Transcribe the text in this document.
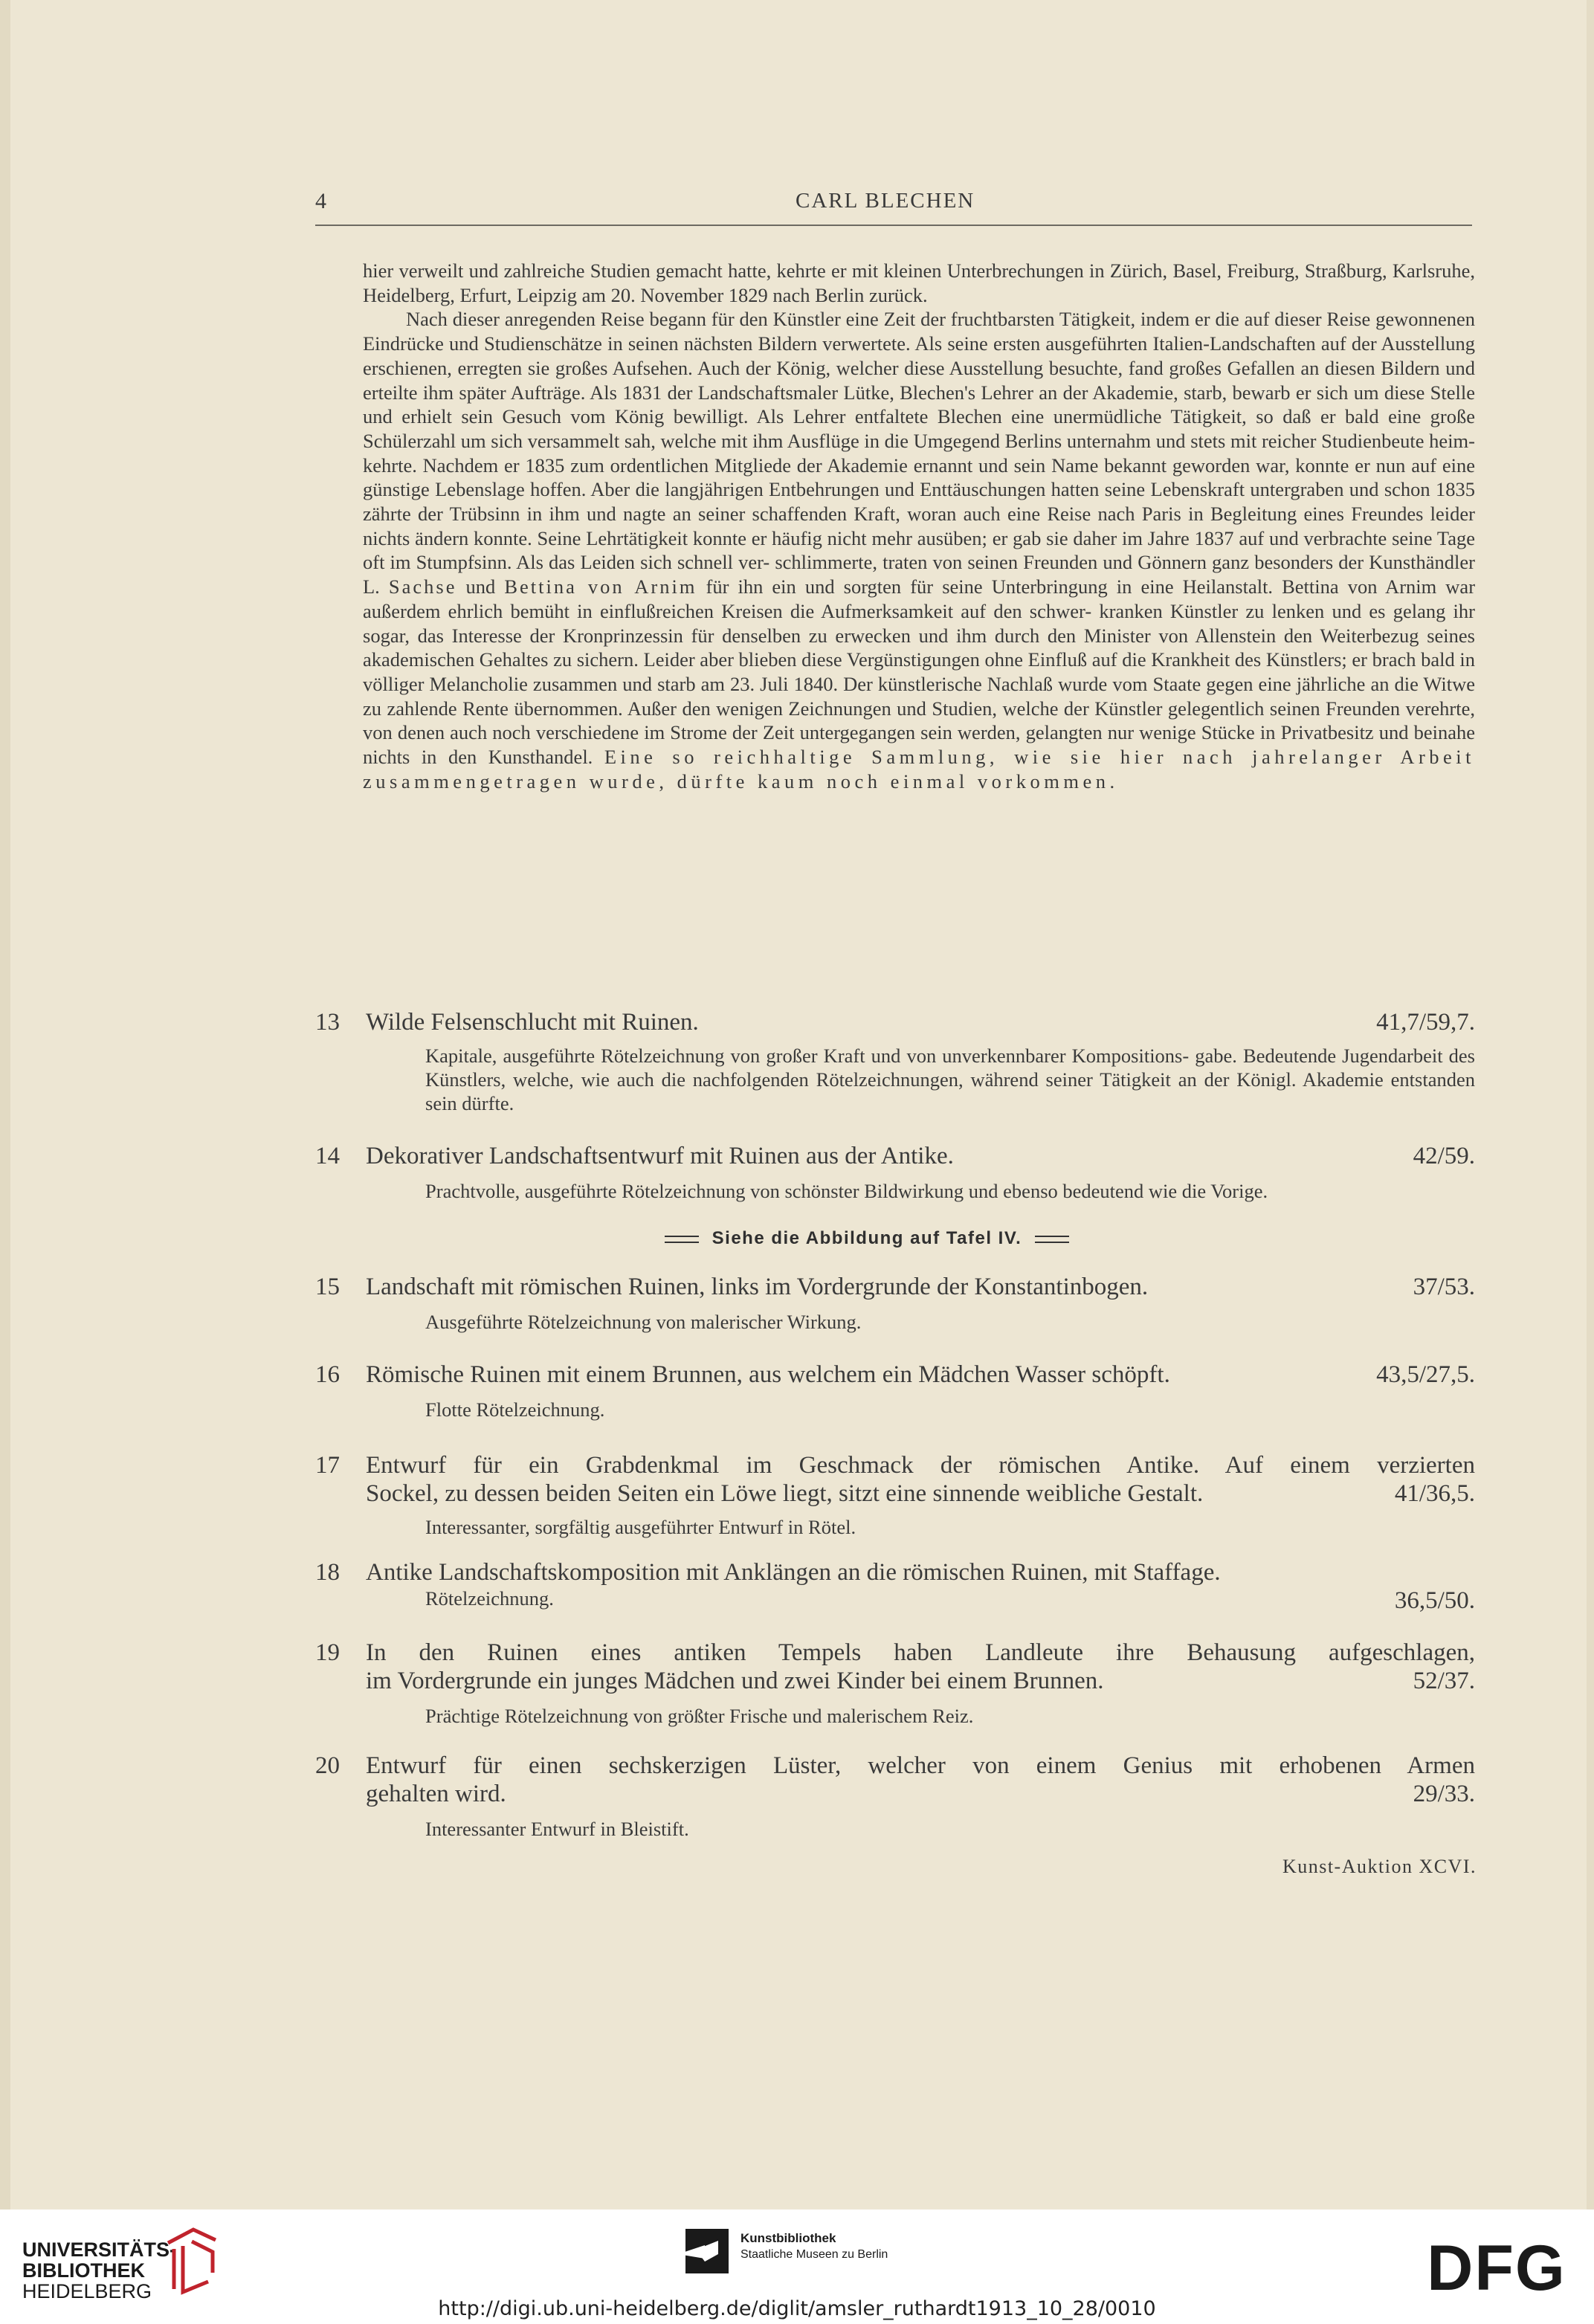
4	CARL BLECHEN

hier verweilt und zahlreiche Studien gemacht hatte, kehrte er mit kleinen Unterbrechungen in Zürich, Basel, Freiburg, Straßburg, Karlsruhe, Heidelberg, Erfurt, Leipzig am 20. November 1829 nach Berlin zurück.

Nach dieser anregenden Reise begann für den Künstler eine Zeit der fruchtbarsten Tätigkeit, indem er die auf dieser Reise gewonnenen Eindrücke und Studienschätze in seinen nächsten Bildern verwertete. Als seine ersten ausgeführten Italien-Landschaften auf der Ausstellung erschienen, erregten sie großes Aufsehen. Auch der König, welcher diese Ausstellung besuchte, fand großes Gefallen an diesen Bildern und erteilte ihm später Aufträge. Als 1831 der Landschaftsmaler Lütke, Blechen's Lehrer an der Akademie, starb, bewarb er sich um diese Stelle und erhielt sein Gesuch vom König bewilligt. Als Lehrer entfaltete Blechen eine unermüdliche Tätigkeit, so daß er bald eine große Schülerzahl um sich versammelt sah, welche mit ihm Ausflüge in die Umgegend Berlins unternahm und stets mit reicher Studienbeute heim- kehrte. Nachdem er 1835 zum ordentlichen Mitgliede der Akademie ernannt und sein Name bekannt geworden war, konnte er nun auf eine günstige Lebenslage hoffen. Aber die langjährigen Entbehrungen und Enttäuschungen hatten seine Lebenskraft untergraben und schon 1835 zährte der Trübsinn in ihm und nagte an seiner schaffenden Kraft, woran auch eine Reise nach Paris in Begleitung eines Freundes leider nichts ändern konnte. Seine Lehrtätigkeit konnte er häufig nicht mehr ausüben; er gab sie daher im Jahre 1837 auf und verbrachte seine Tage oft im Stumpfsinn. Als das Leiden sich schnell ver- schlimmerte, traten von seinen Freunden und Gönnern ganz besonders der Kunsthändler L. Sachse und Bettina von Arnim für ihn ein und sorgten für seine Unterbringung in eine Heilanstalt. Bettina von Arnim war außerdem ehrlich bemüht in einflußreichen Kreisen die Aufmerksamkeit auf den schwer- kranken Künstler zu lenken und es gelang ihr sogar, das Interesse der Kronprinzessin für denselben zu erwecken und ihm durch den Minister von Allenstein den Weiterbezug seines akademischen Gehaltes zu sichern. Leider aber blieben diese Vergünstigungen ohne Einfluß auf die Krankheit des Künstlers; er brach bald in völliger Melancholie zusammen und starb am 23. Juli 1840. Der künstlerische Nachlaß wurde vom Staate gegen eine jährliche an die Witwe zu zahlende Rente übernommen. Außer den wenigen Zeichnungen und Studien, welche der Künstler gelegentlich seinen Freunden verehrte, von denen auch noch verschiedene im Strome der Zeit untergegangen sein werden, gelangten nur wenige Stücke in Privatbesitz und beinahe nichts in den Kunsthandel. Eine so reichhaltige Sammlung, wie sie hier nach jahrelanger Arbeit zusammengetragen wurde, dürfte kaum noch einmal vorkommen.

13 Wilde Felsenschlucht mit Ruinen.	41,7/59,7.
Kapitale, ausgeführte Rötelzeichnung von großer Kraft und von unverkennbarer Kompositions- gabe. Bedeutende Jugendarbeit des Künstlers, welche, wie auch die nachfolgenden Rötelzeichnungen, während seiner Tätigkeit an der Königl. Akademie entstanden sein dürfte.
14 Dekorativer Landschaftsentwurf mit Ruinen aus der Antike.	42/59.
Prachtvolle, ausgeführte Rötelzeichnung von schönster Bildwirkung und ebenso bedeutend wie die Vorige.
Siehe die Abbildung auf Tafel IV.
15 Landschaft mit römischen Ruinen, links im Vordergrunde der Konstantinbogen.	37/53.
Ausgeführte Rötelzeichnung von malerischer Wirkung.
16 Römische Ruinen mit einem Brunnen, aus welchem ein Mädchen Wasser schöpft.	43,5/27,5.
Flotte Rötelzeichnung.
17 Entwurf für ein Grabdenkmal im Geschmack der römischen Antike. Auf einem verzierten
Sockel, zu dessen beiden Seiten ein Löwe liegt, sitzt eine sinnende weibliche Gestalt.	41/36,5.
Interessanter, sorgfältig ausgeführter Entwurf in Rötel.
18 Antike Landschaftskomposition mit Anklängen an die römischen Ruinen, mit Staffage.
Rötelzeichnung.	36,5/50.
19 In den Ruinen eines antiken Tempels haben Landleute ihre Behausung aufgeschlagen,
im Vordergrunde ein junges Mädchen und zwei Kinder bei einem Brunnen.	52/37.
Prächtige Rötelzeichnung von größter Frische und malerischem Reiz.
20 Entwurf für einen sechskerzigen Lüster, welcher von einem Genius mit erhobenen Armen
gehalten wird.	29/33.
Interessanter Entwurf in Bleistift.
Kunst-Auktion XCVI.
UNIVERSITÄTS-
BIBLIOTHEK
HEIDELBERG
Kunstbibliothek
Staatliche Museen zu Berlin	DFG
http://digi.ub.uni-heidelberg.de/diglit/amsler_ruthardt1913_10_28/0010
